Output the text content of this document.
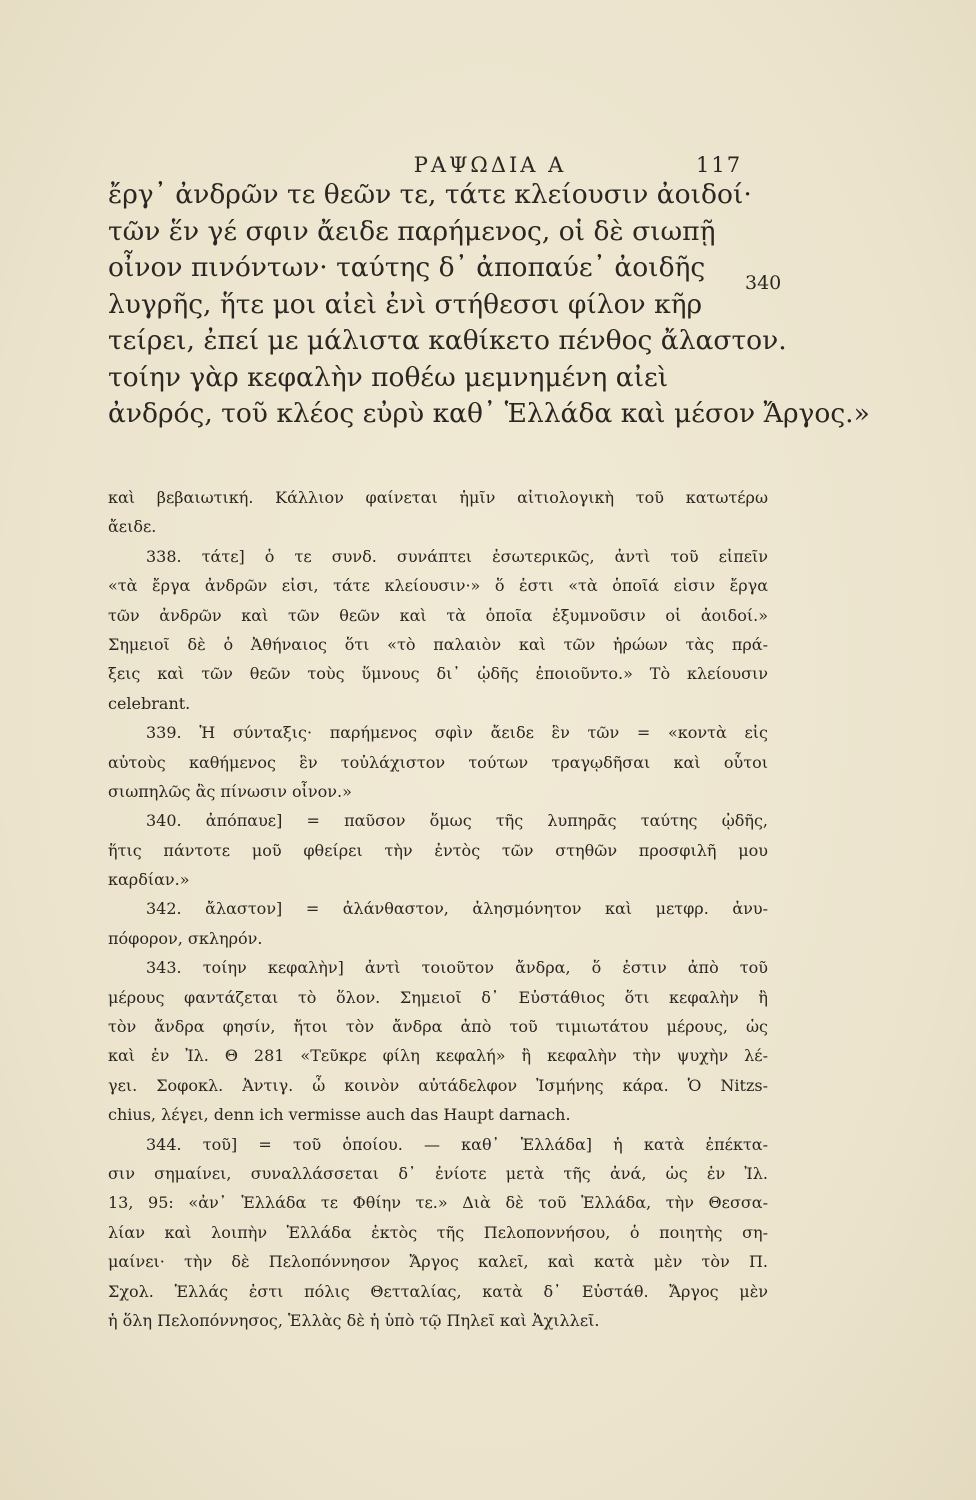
ΡΑΨΩΔΙΑ Α	117
340
ἔργ᾽ ἀνδρῶν τε θεῶν τε, τάτε κλείουσιν ἀοιδοί·
τῶν ἕν γέ σφιν ἄειδε παρήμενος, οἱ δὲ σιωπῇ
οἶνον πινόντων· ταύτης δ᾽ ἀποπαύε᾽ ἀοιδῆς
λυγρῆς, ἥτε μοι αἰεὶ ἐνὶ στήθεσσι φίλον κῆρ
τείρει, ἐπεί με μάλιστα καθίκετο πένθος ἄλαστον.
τοίην γὰρ κεφαλὴν ποθέω μεμνημένη αἰεὶ
ἀνδρός, τοῦ κλέος εὐρὺ καθ᾽ Ἑλλάδα καὶ μέσον Ἄργος.»
καὶ βεβαιωτική. Κάλλιον φαίνεται ἡμῖν αἰτιολογικὴ τοῦ κατωτέρω
ἄειδε.
338. τάτε] ὁ τε συνδ. συνάπτει ἐσωτερικῶς, ἀντὶ τοῦ εἰπεῖν
«τὰ ἔργα ἀνδρῶν εἰσι, τάτε κλείουσιν·» ὅ ἐστι «τὰ ὁποῖά εἰσιν ἔργα
τῶν ἀνδρῶν καὶ τῶν θεῶν καὶ τὰ ὁποῖα ἐξυμνοῦσιν οἱ ἀοιδοί.»
Σημειοῖ δὲ ὁ Ἀθήναιος ὅτι «τὸ παλαιὸν καὶ τῶν ἡρώων τὰς πρά-
ξεις καὶ τῶν θεῶν τοὺς ὕμνους δι᾽ ᾠδῆς ἐποιοῦντο.» Τὸ κλείουσιν
celebrant.
339. Ἡ σύνταξις· παρήμενος σφὶν ἄειδε ἓν τῶν = «κοντὰ εἰς
αὐτοὺς καθήμενος ἓν τοὐλάχιστον τούτων τραγῳδῆσαι καὶ οὗτοι
σιωπηλῶς ἂς πίνωσιν οἶνον.»
340. ἀπόπαυε] = παῦσον ὅμως τῆς λυπηρᾶς ταύτης ᾠδῆς,
ἥτις πάντοτε μοῦ φθείρει τὴν ἐντὸς τῶν στηθῶν προσφιλῆ μου
καρδίαν.»
342. ἄλαστον] = ἀλάνθαστον, ἀλησμόνητον καὶ μετφρ. ἀνυ-
πόφορον, σκληρόν.
343. τοίην κεφαλὴν] ἀντὶ τοιοῦτον ἄνδρα, ὅ ἐστιν ἀπὸ τοῦ
μέρους φαντάζεται τὸ ὅλον. Σημειοῖ δ᾽ Εὐστάθιος ὅτι κεφαλὴν ἢ
τὸν ἄνδρα φησίν, ἤτοι τὸν ἄνδρα ἀπὸ τοῦ τιμιωτάτου μέρους, ὡς
καὶ ἐν Ἰλ. Θ 281 «Τεῦκρε φίλη κεφαλή» ἢ κεφαλὴν τὴν ψυχὴν λέ-
γει. Σοφοκλ. Ἀντιγ. ὦ κοινὸν αὐτάδελφον Ἰσμήνης κάρα. Ὁ Nitzs-
chius, λέγει, denn ich vermisse auch das Haupt darnach.
344. τοῦ] = τοῦ ὁποίου. — καθ᾽ Ἑλλάδα] ἡ κατὰ ἐπέκτα-
σιν σημαίνει, συναλλάσσεται δ᾽ ἐνίοτε μετὰ τῆς ἀνά, ὡς ἐν Ἰλ.
13, 95: «ἀν᾽ Ἑλλάδα τε Φθίην τε.» Διὰ δὲ τοῦ Ἑλλάδα, τὴν Θεσσα-
λίαν καὶ λοιπὴν Ἑλλάδα ἐκτὸς τῆς Πελοποννήσου, ὁ ποιητὴς ση-
μαίνει· τὴν δὲ Πελοπόννησον Ἄργος καλεῖ, καὶ κατὰ μὲν τὸν Π.
Σχολ. Ἑλλάς ἐστι πόλις Θετταλίας, κατὰ δ᾽ Εὐστάθ. Ἄργος μὲν
ἡ ὅλη Πελοπόννησος, Ἑλλὰς δὲ ἡ ὑπὸ τῷ Πηλεῖ καὶ Ἀχιλλεῖ.
